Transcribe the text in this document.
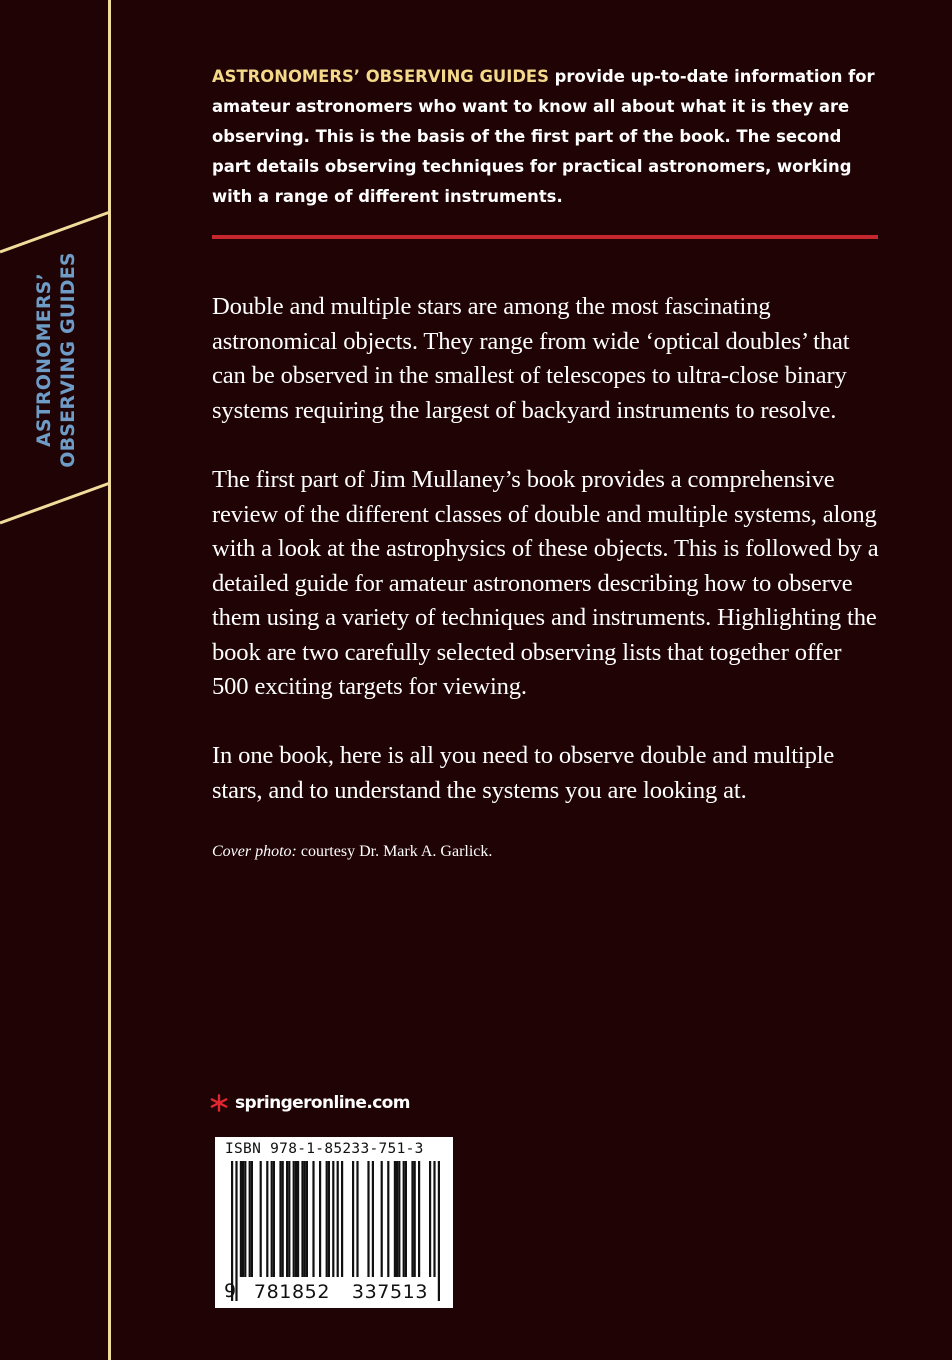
ASTRONOMERS’ OBSERVING GUIDES

ASTRONOMERS’ OBSERVING GUIDES provide up-to-date information for amateur astronomers who want to know all about what it is they are observing. This is the basis of the first part of the book. The second part details observing techniques for practical astronomers, working with a range of different instruments.

Double and multiple stars are among the most fascinating astronomical objects. They range from wide ‘optical doubles’ that can be observed in the smallest of telescopes to ultra-close binary systems requiring the largest of backyard instruments to resolve.

The first part of Jim Mullaney’s book provides a comprehensive review of the different classes of double and multiple systems, along with a look at the astrophysics of these objects. This is followed by a detailed guide for amateur astronomers describing how to observe them using a variety of techniques and instruments. Highlighting the book are two carefully selected observing lists that together offer 500 exciting targets for viewing.

In one book, here is all you need to observe double and multiple stars, and to understand the systems you are looking at.

Cover photo: courtesy Dr. Mark A. Garlick.

springeronline.com
ISBN 978-1-85233-751-3
9 781852	337513
